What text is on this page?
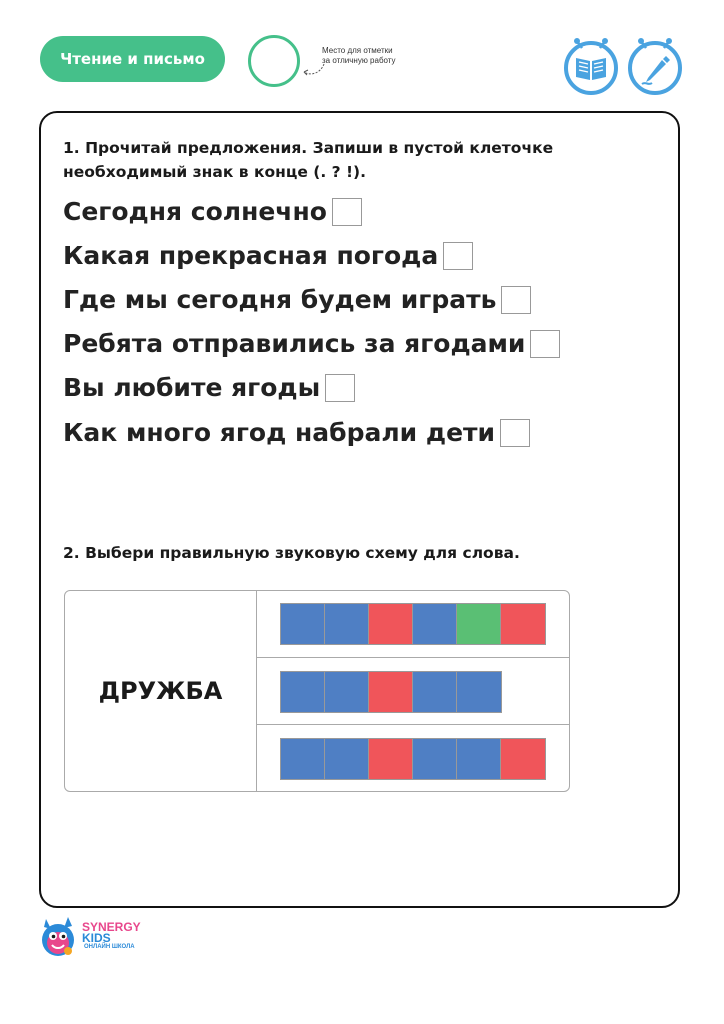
Чтение и письмо	Место для отметки
за отличную работу
1. Прочитай предложения. Запиши в пустой клеточке
необходимый знак в конце (. ? !).
Сегодня солнечно
Какая прекрасная погода
Где мы сегодня будем играть
Ребята отправились за ягодами
Вы любите ягоды
Как много ягод набрали дети
2. Выбери правильную звуковую схему для слова.
ДРУЖБА
SYNERGY
KIDS
ОНЛАЙН ШКОЛА
